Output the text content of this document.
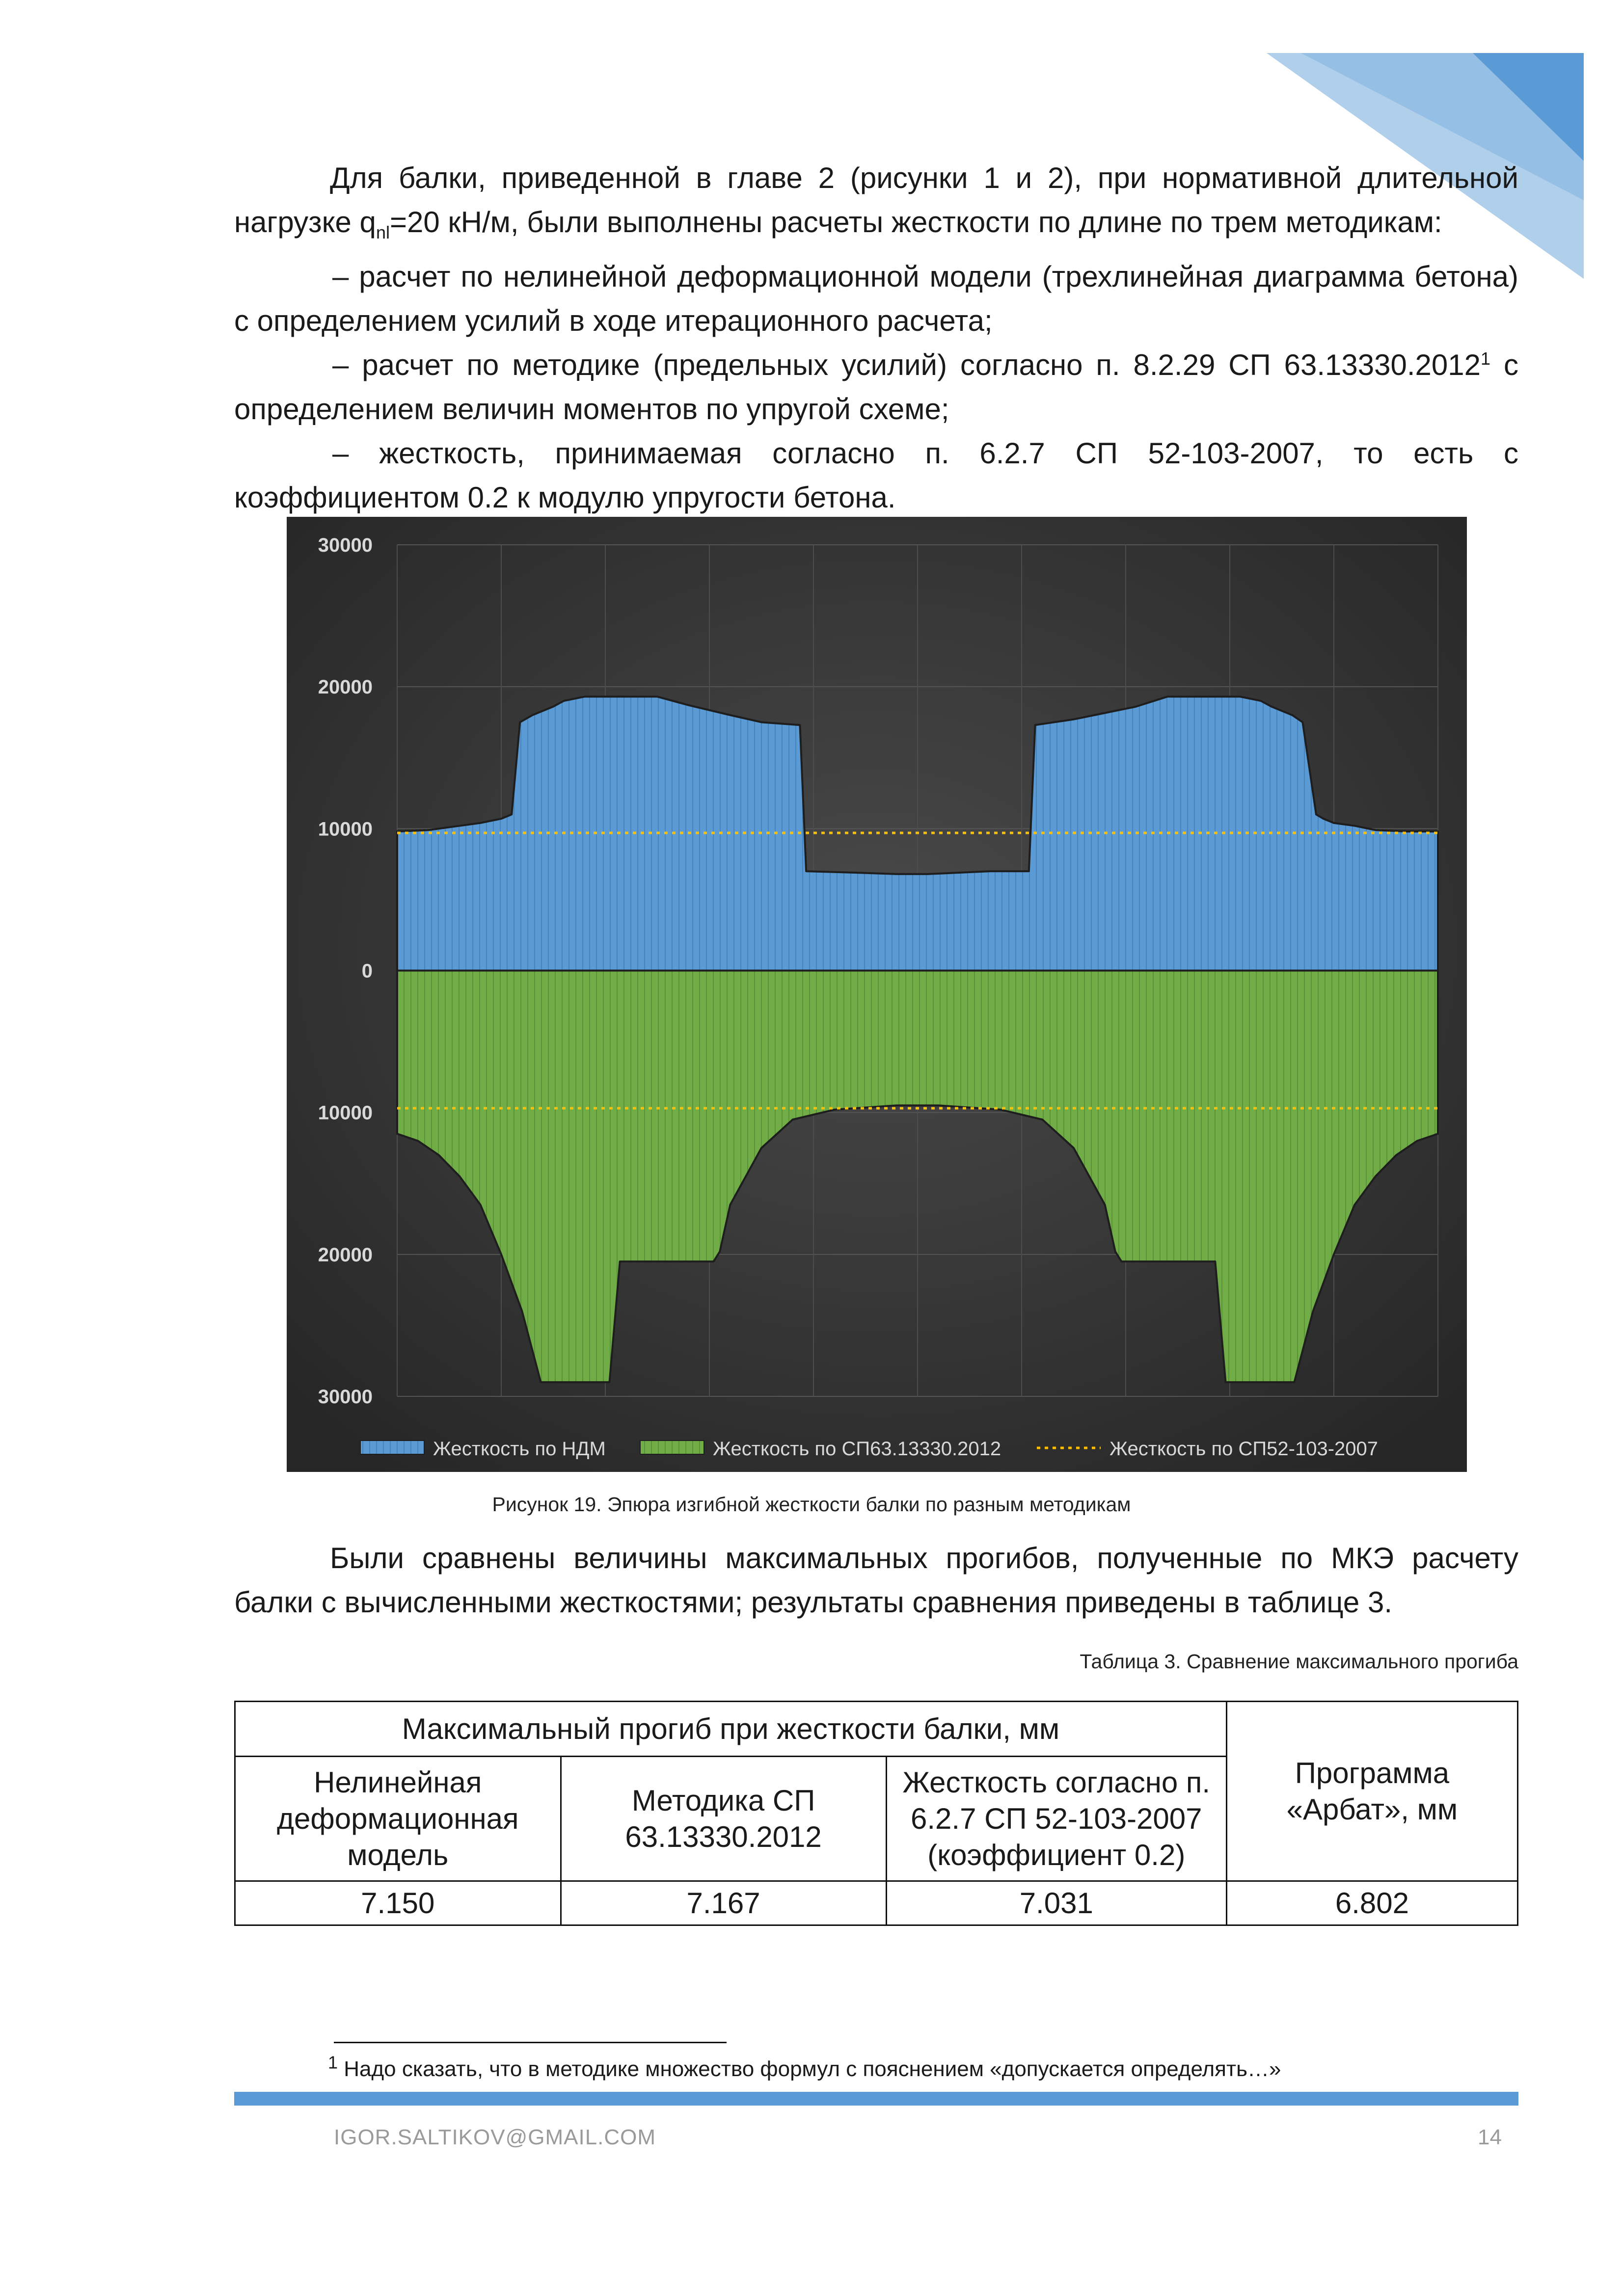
Для балки, приведенной в главе 2 (рисунки 1 и 2), при нормативной длительной нагрузке $q_{nl}=20$ кН/м, были выполнены расчеты жесткости по длине по трем методикам:

– расчет по нелинейной деформационной модели (трехлинейная диаграмма бетона) с определением усилий в ходе итерационного расчета;

– расчет по методике (предельных усилий) согласно п. 8.2.29 СП 63.13330.2012$^1$ с определением величин моментов по упругой схеме;

– жесткость, принимаемая согласно п. 6.2.7 СП 52-103-2007, то есть с коэффициентом 0.2 к модулю упругости бетона.

30000
20000
10000
0
10000
20000
30000
Жесткость по НДМ	Жесткость по СП63.13330.2012	Жесткость по СП52-103-2007
Рисунок 19. Эпюра изгибной жесткости балки по разным методикам

Были сравнены величины максимальных прогибов, полученные по МКЭ расчету балки с вычисленными жесткостями; результаты сравнения приведены в таблице 3.

Таблица 3. Сравнение максимального прогиба
Максимальный прогиб при жесткости балки, мм			Программа «Арбат», мм
Нелинейная деформационная модель	Методика СП 63.13330.2012	Жесткость согласно п. 6.2.7 СП 52-103-2007 (коэффициент 0.2)	
7.150	7.167	7.031	6.802
$^1$ Надо сказать, что в методике множество формул с пояснением «допускается определять…»
IGOR.SALTIKOV@GMAIL.COM	14
